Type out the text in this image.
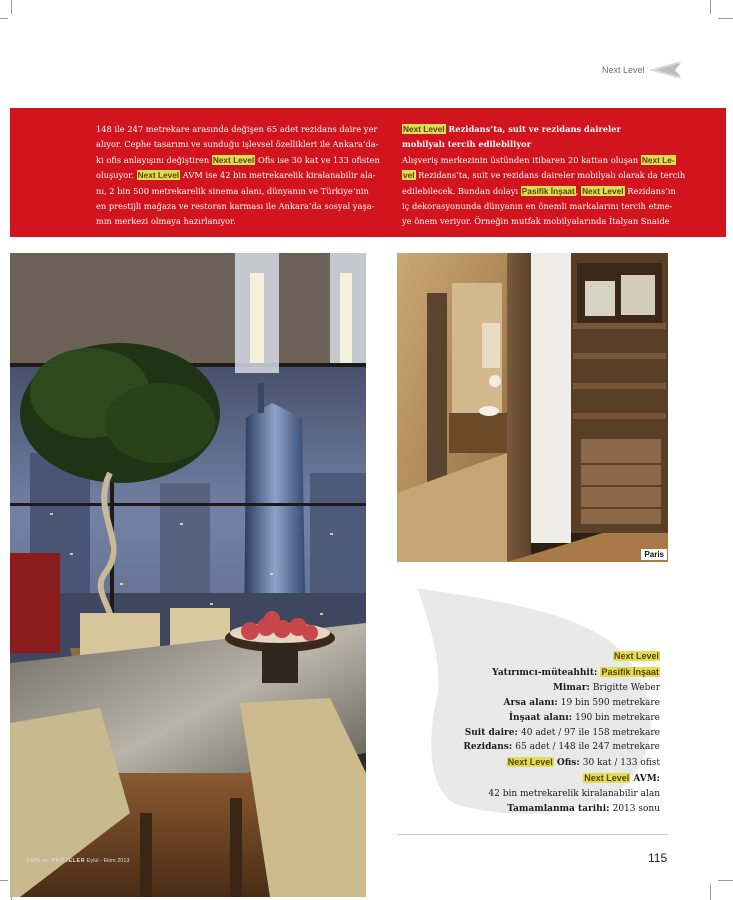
Next Level

148 ile 247 metrekare arasında değişen 65 adet rezidans daire yer

alıyor. Cephe tasarımı ve sunduğu işlevsel özellikleri ile Ankara’da-

ki ofis anlayışını değiştiren Next Level Ofis ise 30 kat ve 133 ofisten

oluşuyor. Next Level AVM ise 42 bin metrekarelik kiralanabilir ala-

nı, 2 bin 500 metrekarelik sinema alanı, dünyanın ve Türkiye’nin

en prestijli mağaza ve restoran karması ile Ankara’da sosyal yaşa-

mın merkezi olmaya hazırlanıyor.

Next Level Rezidans’ta, suit ve rezidans daireler

mobilyalı tercih edilebiliyor

Alışveriş merkezinin üstünden itibaren 20 kattan oluşan Next Le-

vel Rezidans’ta, suit ve rezidans daireler mobilyalı olarak da tercih

edilebilecek. Bundan dolayı Pasifik İnşaat, Next Level Rezidans’ın

iç dekorasyonunda dünyanın en önemli markalarını tercih etme-

ye önem veriyor. Örneğin mutfak mobilyalarında İtalyan Snaide

YAPI ve PROJELER Eylül - Ekim 2013
Paris

Next Level

Yatırımcı-müteahhit: Pasifik İnşaat

Mimar: Brigitte Weber

Arsa alanı: 19 bin 590 metrekare

İnşaat alanı: 190 bin metrekare

Suit daire: 40 adet / 97 ile 158 metrekare

Rezidans: 65 adet / 148 ile 247 metrekare

Next Level Ofis: 30 kat / 133 ofist

Next Level AVM:

42 bin metrekarelik kiralanabilir alan

Tamamlanma tarihi: 2013 sonu

115
